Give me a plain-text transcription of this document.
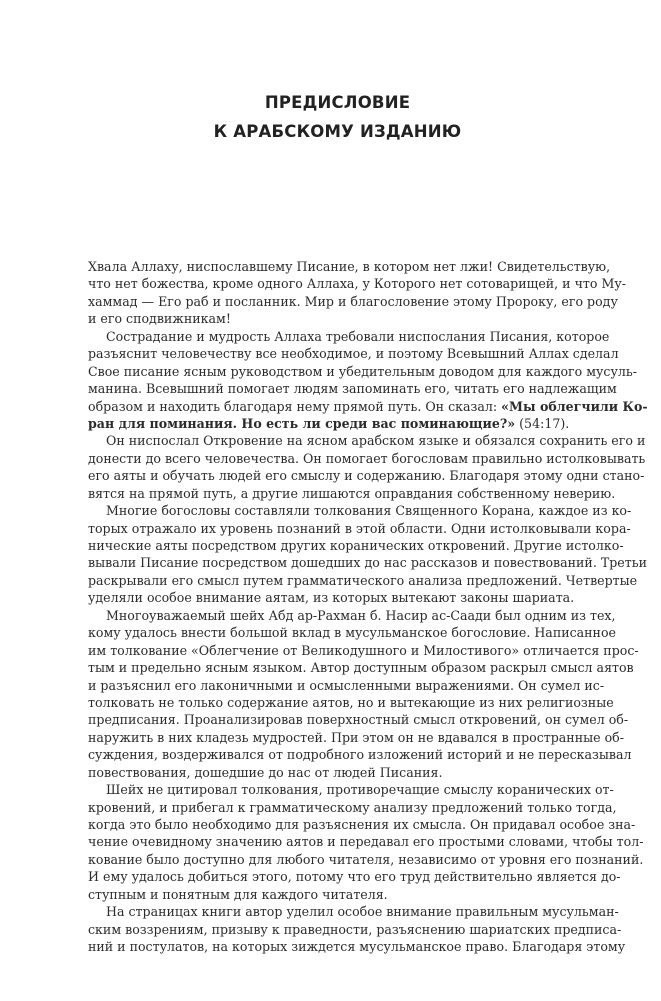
ПРЕДИСЛОВИЕ
К АРАБСКОМУ ИЗДАНИЮ
Хвала Аллаху, ниспославшему Писание, в котором нет лжи! Свидетельствую,
что нет божества, кроме одного Аллаха, у Которого нет сотоварищей, и что Му-
хаммад — Его раб и посланник. Мир и благословение этому Пророку, его роду
и его сподвижникам!
Сострадание и мудрость Аллаха требовали ниспослания Писания, которое
разъяснит человечеству все необходимое, и поэтому Всевышний Аллах сделал
Свое писание ясным руководством и убедительным доводом для каждого мусуль-
манина. Всевышний помогает людям запоминать его, читать его надлежащим
образом и находить благодаря нему прямой путь. Он сказал: «Мы облегчили Ко-
ран для поминания. Но есть ли среди вас поминающие?» (54:17).
Он ниспослал Откровение на ясном арабском языке и обязался сохранить его и
донести до всего человечества. Он помогает богословам правильно истолковывать
его аяты и обучать людей его смыслу и содержанию. Благодаря этому одни стано-
вятся на прямой путь, а другие лишаются оправдания собственному неверию.
Многие богословы составляли толкования Священного Корана, каждое из ко-
торых отражало их уровень познаний в этой области. Одни истолковывали кора-
нические аяты посредством других коранических откровений. Другие истолко-
вывали Писание посредством дошедших до нас рассказов и повествований. Третьи
раскрывали его смысл путем грамматического анализа предложений. Четвертые
уделяли особое внимание аятам, из которых вытекают законы шариата.
Многоуважаемый шейх Абд ар-Рахман б. Насир ас-Саади был одним из тех,
кому удалось внести большой вклад в мусульманское богословие. Написанное
им толкование «Облегчение от Великодушного и Милостивого» отличается прос-
тым и предельно ясным языком. Автор доступным образом раскрыл смысл аятов
и разъяснил его лаконичными и осмысленными выражениями. Он сумел ис-
толковать не только содержание аятов, но и вытекающие из них религиозные
предписания. Проанализировав поверхностный смысл откровений, он сумел об-
наружить в них кладезь мудростей. При этом он не вдавался в пространные об-
суждения, воздерживался от подробного изложений историй и не пересказывал
повествования, дошедшие до нас от людей Писания.
Шейх не цитировал толкования, противоречащие смыслу коранических от-
кровений, и прибегал к грамматическому анализу предложений только тогда,
когда это было необходимо для разъяснения их смысла. Он придавал особое зна-
чение очевидному значению аятов и передавал его простыми словами, чтобы тол-
кование было доступно для любого читателя, независимо от уровня его познаний.
И ему удалось добиться этого, потому что его труд действительно является до-
ступным и понятным для каждого читателя.
На страницах книги автор уделил особое внимание правильным мусульман-
ским воззрениям, призыву к праведности, разъяснению шариатских предписа-
ний и постулатов, на которых зиждется мусульманское право. Благодаря этому
